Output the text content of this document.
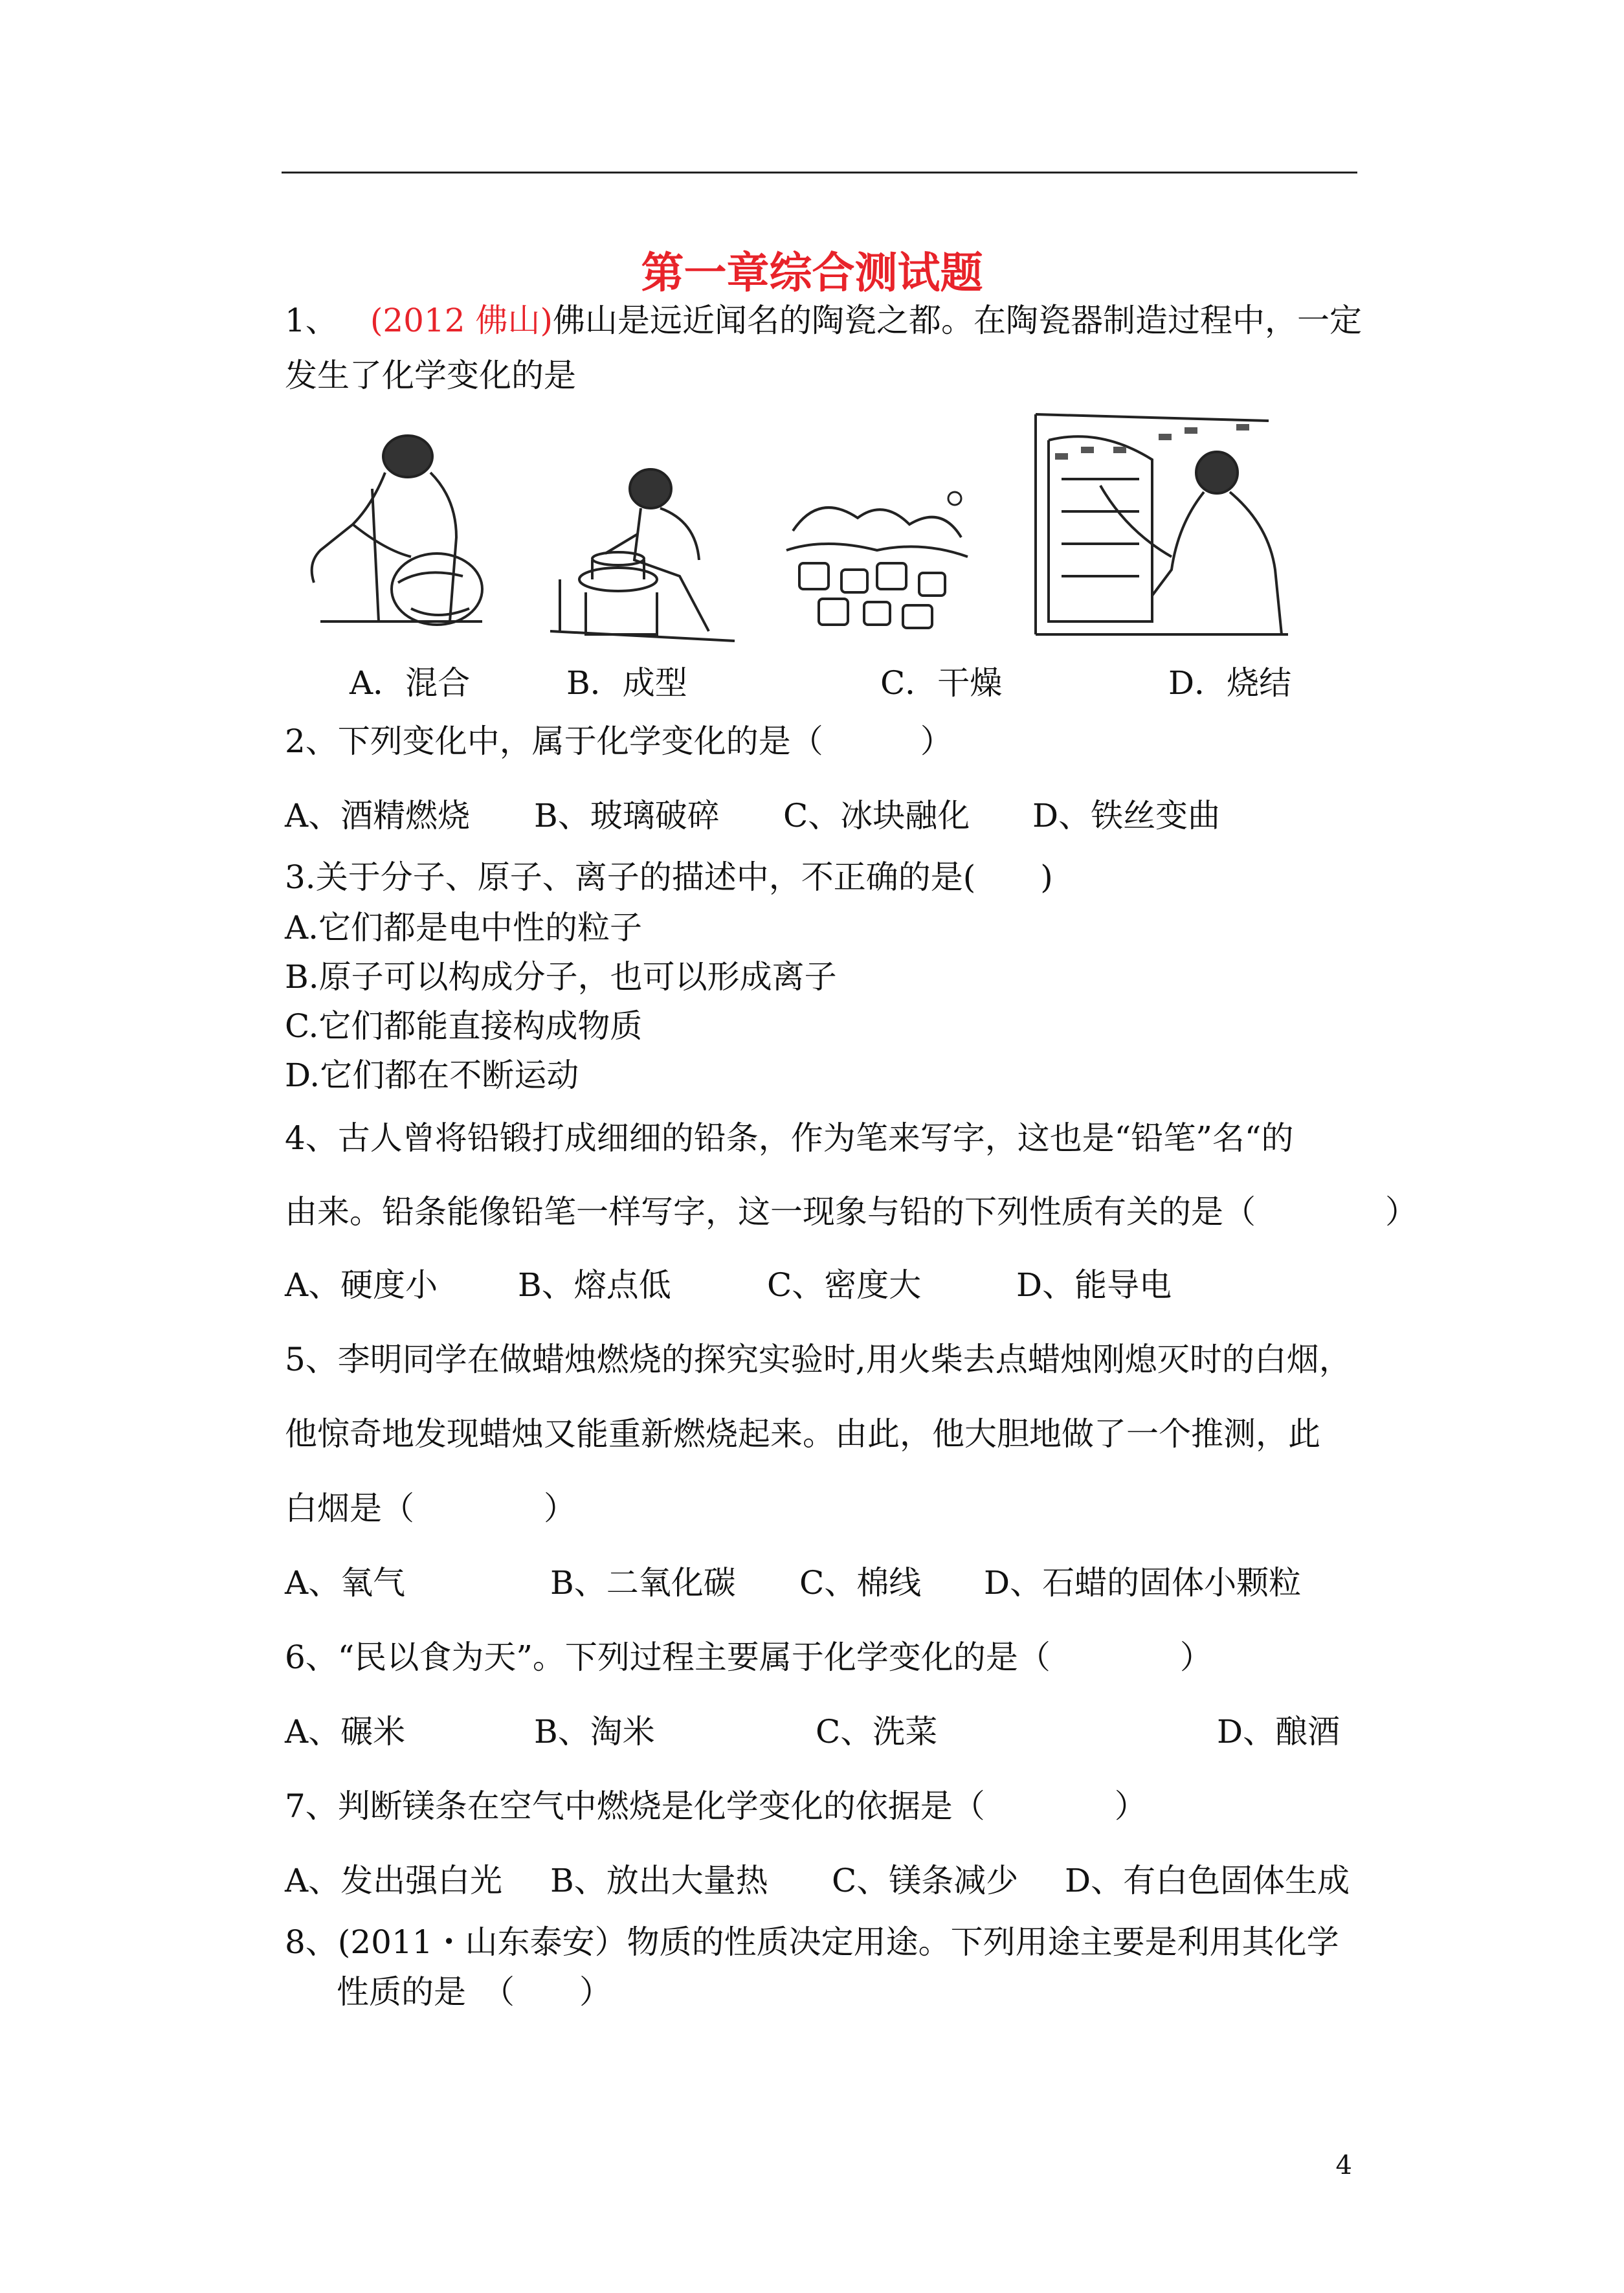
第一章综合测试题
1、 (2012 佛山)佛山是远近闻名的陶瓷之都。在陶瓷器制造过程中，一定
发生了化学变化的是
A．混合	B．成型	C．干燥	D．烧结
2、下列变化中，属于化学变化的是（　　　）
A、酒精燃烧 B、玻璃破碎 C、冰块融化 D、铁丝变曲
3.关于分子、原子、离子的描述中，不正确的是(　　)
A.它们都是电中性的粒子
B.原子可以构成分子，也可以形成离子
C.它们都能直接构成物质
D.它们都在不断运动
4、古人曾将铅锻打成细细的铅条，作为笔来写字，这也是“铅笔”名“的
由来。铅条能像铅笔一样写字，这一现象与铅的下列性质有关的是（　　　　）
A、硬度小 B、熔点低	C、密度大	D、能导电
5、李明同学在做蜡烛燃烧的探究实验时,用火柴去点蜡烛刚熄灭时的白烟，
他惊奇地发现蜡烛又能重新燃烧起来。由此，他大胆地做了一个推测，此
白烟是（　　　　）
A、氧气	B、二氧化碳 C、棉线 D、石蜡的固体小颗粒
6、“民以食为天”。下列过程主要属于化学变化的是（　　　　）
A、碾米	B、淘米	C、洗菜	D、酿酒
7、判断镁条在空气中燃烧是化学变化的依据是（　　　　）
A、发出强白光 B、放出大量热 C、镁条减少 D、有白色固体生成
8、(2011・山东泰安）物质的性质决定用途。下列用途主要是利用其化学
性质的是　（　　）
4
